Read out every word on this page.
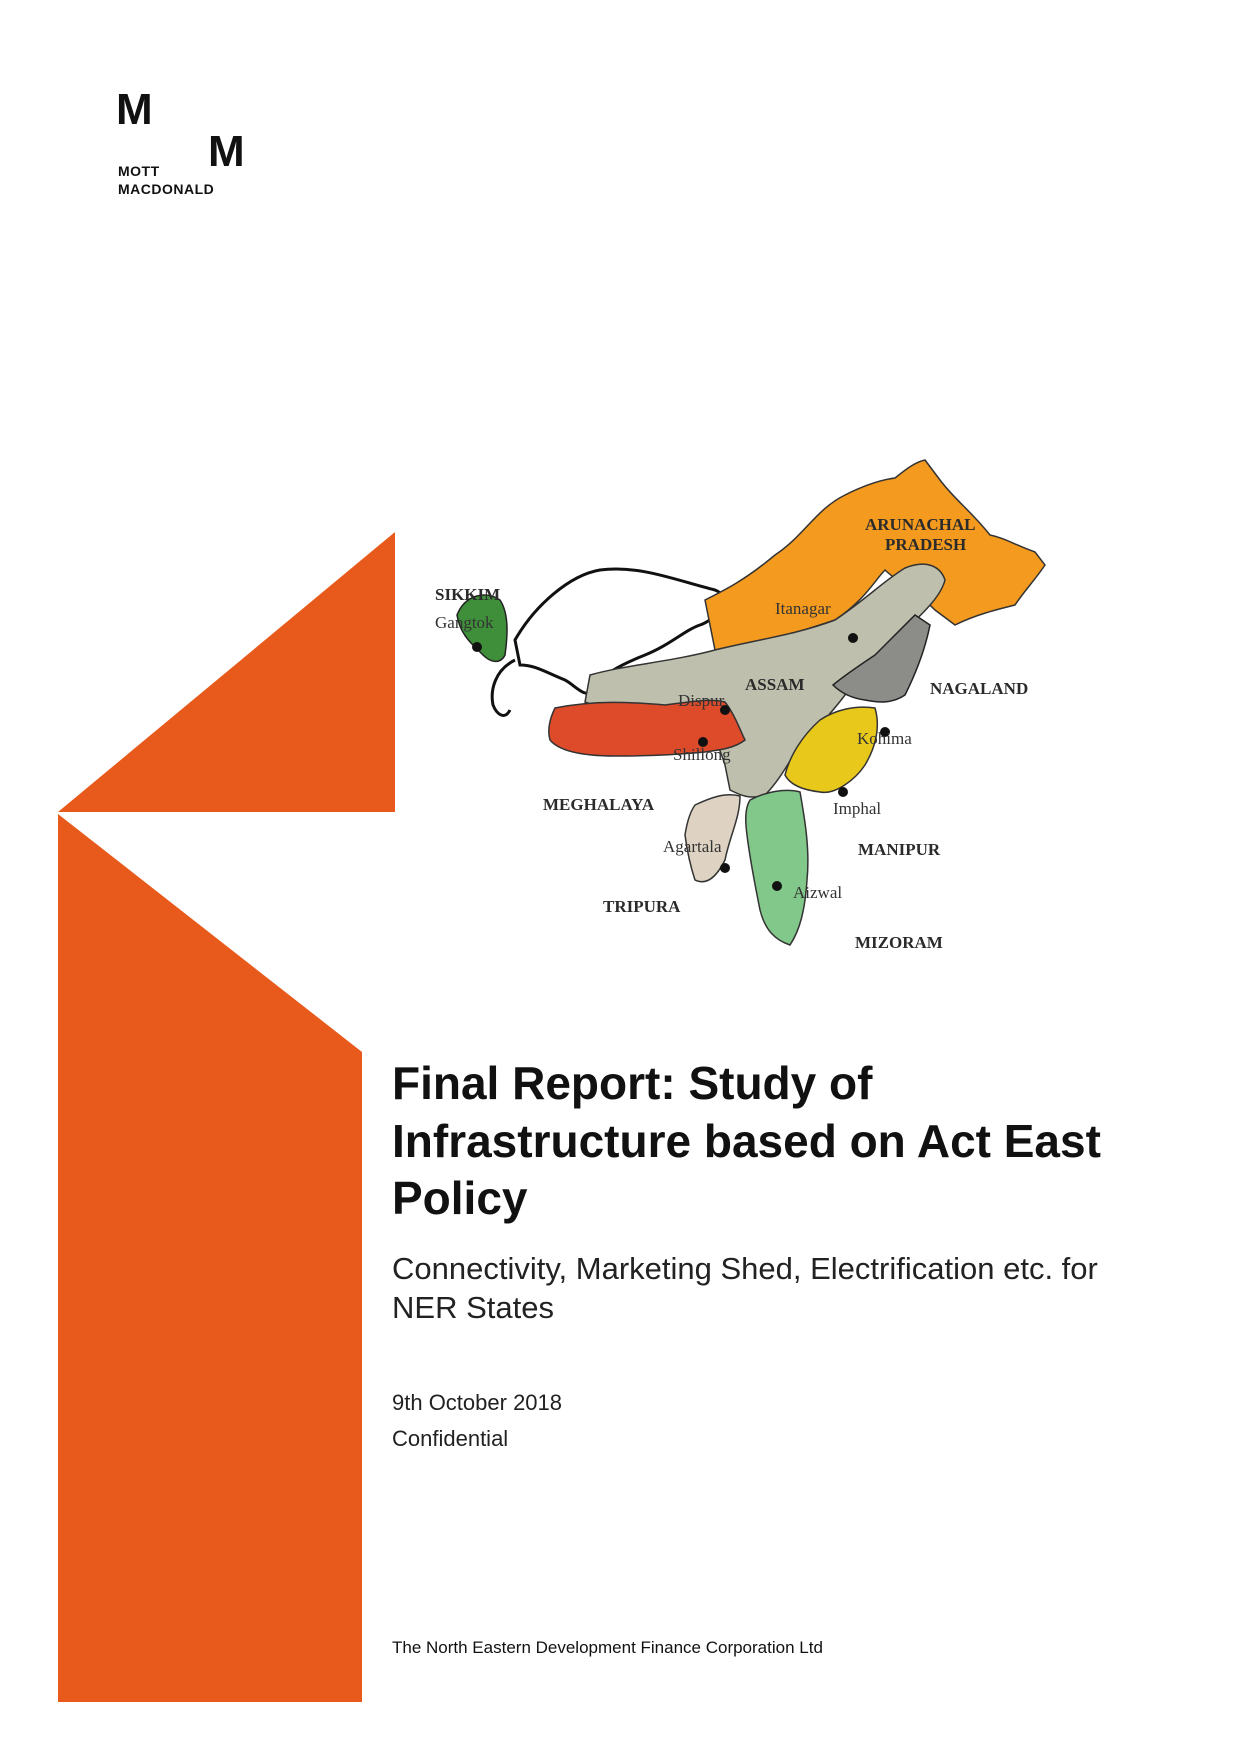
M
M
MOTT
MACDONALD
ARUNACHAL
PRADESH
SIKKIM
ASSAM	NAGALAND
MEGHALAYA
MANIPUR
TRIPURA
MIZORAM
Itanagar
Gangtok
Dispur
Kohima
Shillong
Imphal
Agartala
Aizwal
Final Report: Study of Infrastructure based on Act East Policy
Connectivity, Marketing Shed, Electrification etc. for NER States
9th October 2018
Confidential
The North Eastern Development Finance Corporation Ltd
